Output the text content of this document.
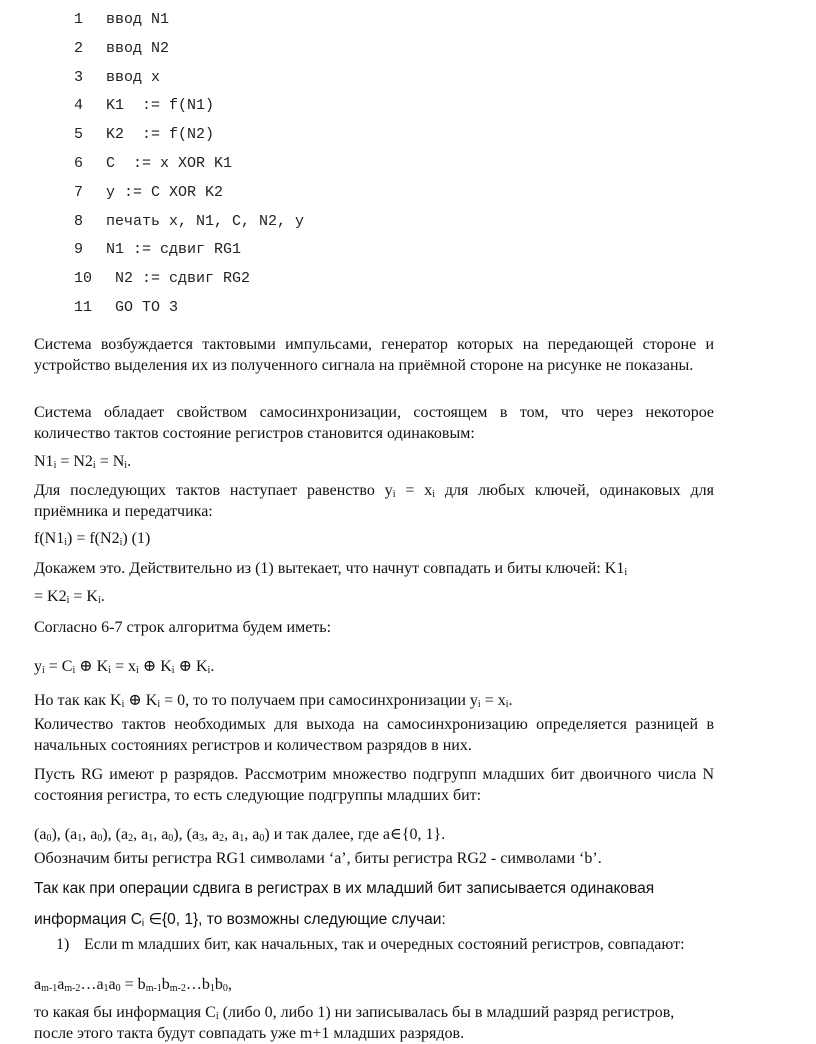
1 ввод N1
2 ввод N2
3 ввод x
4 K1  := f(N1)
5 K2  := f(N2)
6 C  := x XOR K1
7 y := C XOR K2
8 печать x, N1, C, N2, y
9 N1 := сдвиг RG1
10 N2 := сдвиг RG2
11 GO TO 3
Система возбуждается тактовыми импульсами, генератор которых на передающей стороне и устройство выделения их из полученного сигнала на приёмной стороне на рисунке не показаны.
Система обладает свойством самосинхронизации, состоящем в том, что через некоторое количество тактов состояние регистров становится одинаковым:
$N1_i = N2_i = N_i$.
Для последующих тактов наступает равенство $y_i = x_i$ для любых ключей, одинаковых для приёмника и передатчика:
$f(N1_i) = f(N2_i)$ (1)
Докажем это. Действительно из (1) вытекает, что начнут совпадать и биты ключей: $K1_i$
= $K2_i = K_i$.
Согласно 6-7 строк алгоритма будем иметь:
$y_i = C_i$ ⊕ $K_i = x_i$ ⊕ $K_i$ ⊕ $K_i$.
Но так как $K_i$ ⊕ $K_i = 0$, то то получаем при самосинхронизации $y_i = x_i$.
Количество тактов необходимых для выхода на самосинхронизацию определяется разницей в начальных состояниях регистров и количеством разрядов в них.
Пусть RG имеют р разрядов. Рассмотрим множество подгрупп младших бит двоичного числа N состояния регистра, то есть следующие подгруппы младших бит:
$(a_0)$, ($a_1$, $a_0$), ($a_2$, $a_1$, $a_0$), ($a_3$, $a_2$, $a_1$, $a_0$) и так далее, где a∈{0, 1}.
Обозначим биты регистра RG1 символами ‘a’, биты регистра RG2 - символами ‘b’.
Так как при операции сдвига в регистрах в их младший бит записывается одинаковая
информация $C_i$ ∈{0, 1}, то возможны следующие случаи:
1) Если m младших бит, как начальных, так и очередных состояний регистров, совпадают:
$a_{m-1}a_{m-2}\dots a_1a_0$ = $b_{m-1}b_{m-2}\dots b_1b_0$,
то какая бы информация $C_i$ (либо 0, либо 1) ни записывалась бы в младший разряд регистров, после этого такта будут совпадать уже m+1 младших разрядов.
